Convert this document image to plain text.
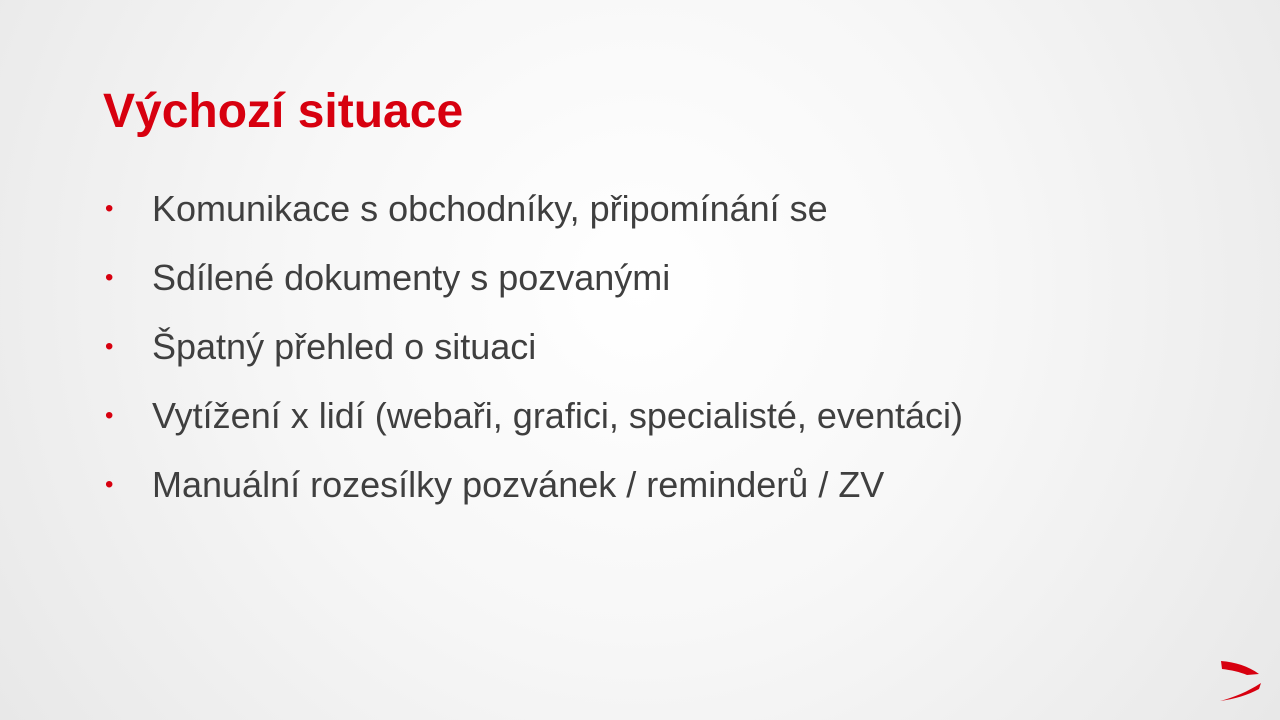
Výchozí situace
•	Komunikace s obchodníky, připomínání se
•	Sdílené dokumenty s pozvanými
•	Špatný přehled o situaci
•	Vytížení x lidí (webaři, grafici, specialisté, eventáci)
•	Manuální rozesílky pozvánek / reminderů / ZV
